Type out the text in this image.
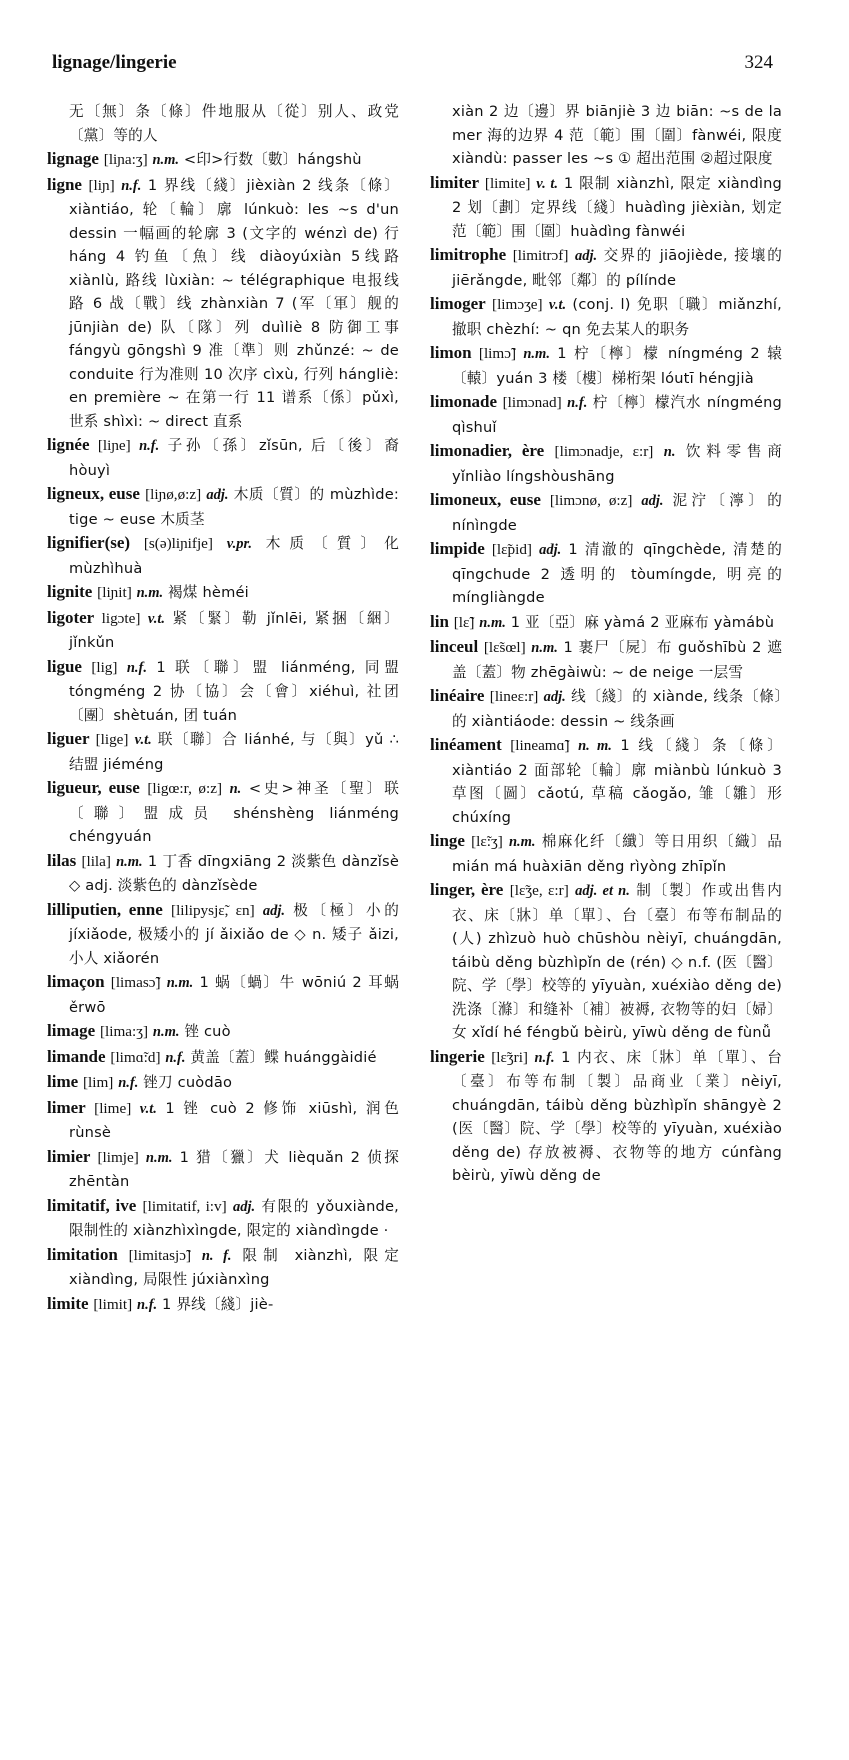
lignage/lingerie	324

无〔無〕条〔條〕件地服从〔從〕别人、政党〔黨〕等的人

lignage [liɲa:ʒ] n.m. <印>行数〔數〕hángshù

ligne [liɲ] n.f. 1 界线〔綫〕jièxiàn 2 线条〔條〕xiàntiáo, 轮〔輪〕廓 lúnkuò: les ~s d'un dessin 一幅画的轮廓 3 (文字的 wénzì de) 行 háng 4 钓鱼〔魚〕线 diàoyúxiàn 5线路 xiànlù, 路线 lùxiàn: ~ télégraphique 电报线路 6 战〔戰〕线 zhànxiàn 7 (军〔軍〕舰的 jūnjiàn de) 队〔隊〕列 duìliè 8 防御工事 fángyù gōngshì 9 准〔準〕则 zhǔnzé: ~ de conduite 行为准则 10 次序 cìxù, 行列 hángliè: en première ~ 在第一行 11 谱系〔係〕pǔxì, 世系 shìxì: ~ direct 直系

lignée [liɲe] n.f. 子孙〔孫〕zǐsūn, 后〔後〕裔 hòuyì

ligneux, euse [liɲø,ø:z] adj. 木质〔質〕的 mùzhìde: tige ~ euse 木质茎

lignifier(se) [s(ə)liɲifje] v.pr. 木质〔質〕化 mùzhìhuà

lignite [liɲit] n.m. 褐煤 hèméi

ligoter ligɔte] v.t. 紧〔緊〕勒 jǐnlēi, 紧捆〔綑〕jǐnkǔn

ligue [lig] n.f. 1 联〔聯〕盟 liánméng, 同盟 tóngméng 2 协〔協〕会〔會〕xiéhuì, 社团〔團〕shètuán, 团 tuán

liguer [lige] v.t. 联〔聯〕合 liánhé, 与〔與〕yǔ ∴ 结盟 jiéméng

ligueur, euse [ligœ:r, ø:z] n. <史>神圣〔聖〕联〔聯〕盟成员 shénshèng liánméng chéngyuán

lilas [lila] n.m. 1 丁香 dīngxiāng 2 淡紫色 dànzǐsè ◇ adj. 淡紫色的 dànzǐsède

lilliputien, enne [lilipysjɛ̃, ɛn] adj. 极〔極〕小的 jíxiǎode, 极矮小的 jí ǎixiǎo de ◇ n. 矮子 ǎizi, 小人 xiǎorén

limaçon [limasɔ̃] n.m. 1 蜗〔蝸〕牛 wōniú 2 耳蜗 ěrwō

limage [lima:ʒ] n.m. 锉 cuò

limande [limɑ̃:d] n.f. 黄盖〔蓋〕鲽 huánggàidié

lime [lim] n.f. 锉刀 cuòdāo

limer [lime] v.t. 1 锉 cuò 2 修饰 xiūshì, 润色 rùnsè

limier [limje] n.m. 1 猎〔獵〕犬 lièquǎn 2 侦探 zhēntàn

limitatif, ive [limitatif, i:v] adj. 有限的 yǒuxiànde, 限制性的 xiànzhìxìngde, 限定的 xiàndìngde ·

limitation [limitasjɔ̃] n. f. 限制 xiànzhì, 限定 xiàndìng, 局限性 júxiànxìng

limite [limit] n.f. 1 界线〔綫〕jiè-

xiàn 2 边〔邊〕界 biānjiè 3 边 biān: ~s de la mer 海的边界 4 范〔範〕围〔圍〕fànwéi, 限度 xiàndù: passer les ~s ① 超出范围 ②超过限度

limiter [limite] v. t. 1 限制 xiànzhì, 限定 xiàndìng 2 划〔劃〕定界线〔綫〕huàdìng jièxiàn, 划定范〔範〕围〔圍〕huàdìng fànwéi

limitrophe [limitrɔf] adj. 交界的 jiāojiède, 接壤的 jiērǎngde, 毗邻〔鄰〕的 pílínde

limoger [limɔʒe] v.t. (conj. l) 免职〔職〕miǎnzhí, 撤职 chèzhí: ~ qn 免去某人的职务

limon [limɔ̃] n.m. 1 柠〔檸〕檬 níngméng 2 辕〔轅〕yuán 3 楼〔樓〕梯桁架 lóutī héngjià

limonade [limɔnad] n.f. 柠〔檸〕檬汽水 níngméng qìshuǐ

limonadier, ère [limɔnadje, ɛ:r] n. 饮料零售商 yǐnliào língshòushāng

limoneux, euse [limɔnø, ø:z] adj. 泥泞〔濘〕的 nínìngde

limpide [lɛ̃pid] adj. 1 清澈的 qīngchède, 清楚的 qīngchude 2 透明的 tòumíngde, 明亮的 míngliàngde

lin [lɛ̃] n.m. 1 亚〔亞〕麻 yàmá 2 亚麻布 yàmábù

linceul [lɛ̃sœl] n.m. 1 裹尸〔屍〕布 guǒshībù 2 遮盖〔蓋〕物 zhēgàiwù: ~ de neige 一层雪

linéaire [lineɛ:r] adj. 线〔綫〕的 xiànde, 线条〔條〕的 xiàntiáode: dessin ~ 线条画

linéament [lineamɑ̃] n. m. 1 线〔綫〕条〔條〕xiàntiáo 2 面部轮〔輪〕廓 miànbù lúnkuò 3 草图〔圖〕cǎotú, 草稿 cǎogǎo, 雏〔雛〕形 chúxíng

linge [lɛ̃:ʒ] n.m. 棉麻化纤〔纖〕等日用织〔織〕品 mián má huàxiān děng rìyòng zhīpǐn

linger, ère [lɛ̃ʒe, ɛ:r] adj. et n. 制〔製〕作或出售内衣、床〔牀〕单〔單〕、台〔臺〕布等布制品的 (人) zhìzuò huò chūshòu nèiyī, chuángdān, táibù děng bùzhìpǐn de (rén) ◇ n.f. (医〔醫〕院、学〔學〕校等的 yīyuàn, xuéxiào děng de) 洗涤〔滌〕和缝补〔補〕被褥, 衣物等的妇〔婦〕女 xǐdí hé féngbǔ bèirù, yīwù děng de fùnǚ

lingerie [lɛ̃ʒri] n.f. 1 内衣、床〔牀〕单〔單〕、台〔臺〕布等布制〔製〕品商业〔業〕nèiyī, chuángdān, táibù děng bùzhìpǐn shāngyè 2 (医〔醫〕院、学〔學〕校等的 yīyuàn, xuéxiào děng de) 存放被褥、衣物等的地方 cúnfàng bèirù, yīwù děng de
